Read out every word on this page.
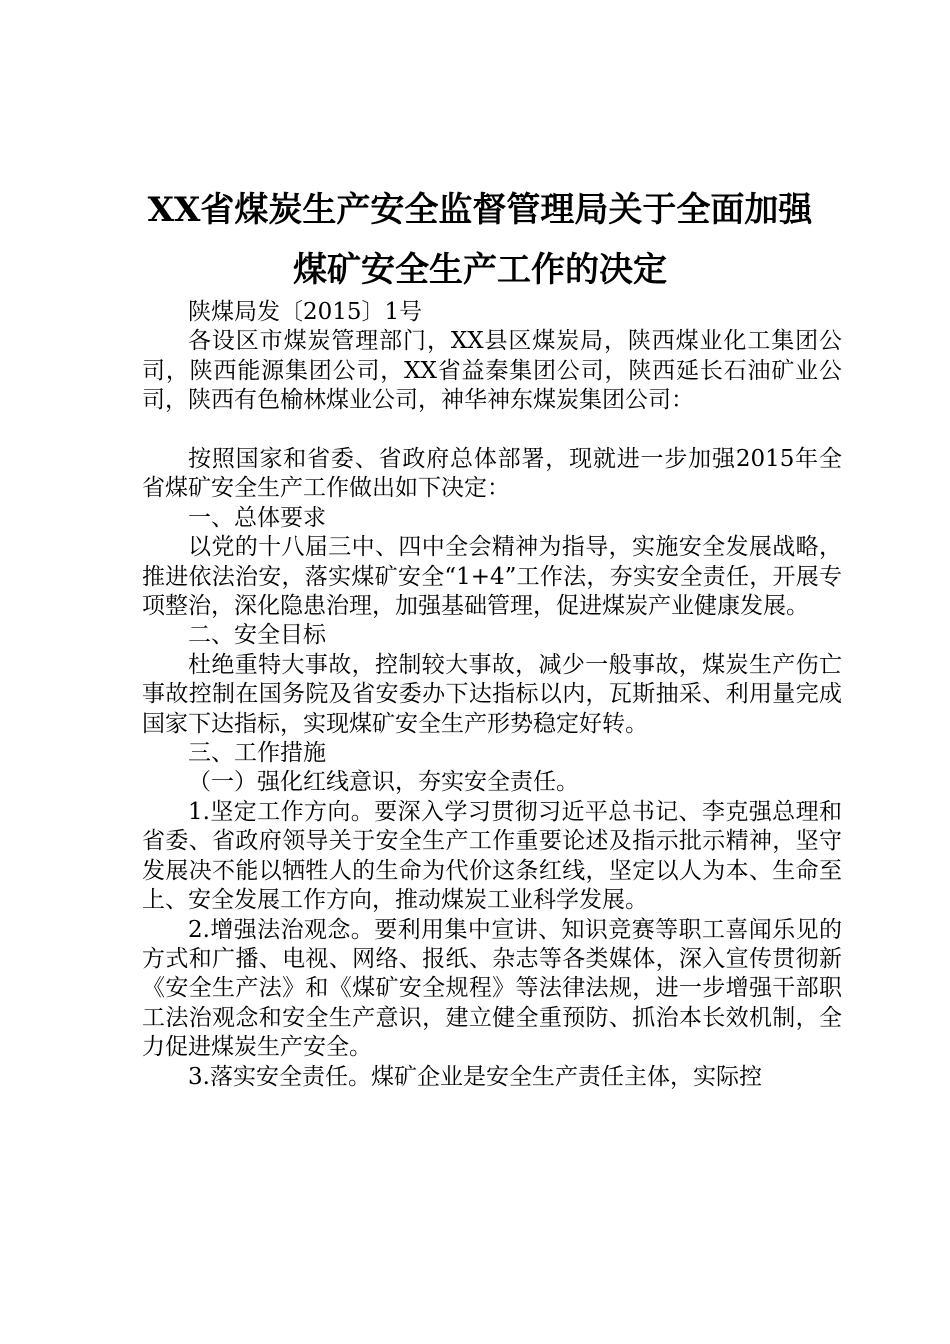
XX省煤炭生产安全监督管理局关于全面加强
煤矿安全生产工作的决定

陕煤局发〔2015〕1号

各设区市煤炭管理部门，XX县区煤炭局，陕西煤业化工集团公司，陕西能源集团公司，XX省益秦集团公司，陕西延长石油矿业公司，陕西有色榆林煤业公司，神华神东煤炭集团公司：

按照国家和省委、省政府总体部署，现就进一步加强2015年全省煤矿安全生产工作做出如下决定：

一、总体要求

以党的十八届三中、四中全会精神为指导，实施安全发展战略，推进依法治安，落实煤矿安全“1+4”工作法，夯实安全责任，开展专项整治，深化隐患治理，加强基础管理，促进煤炭产业健康发展。

二、安全目标

杜绝重特大事故，控制较大事故，减少一般事故，煤炭生产伤亡事故控制在国务院及省安委办下达指标以内，瓦斯抽采、利用量完成国家下达指标，实现煤矿安全生产形势稳定好转。

三、工作措施

（一）强化红线意识，夯实安全责任。

1.坚定工作方向。要深入学习贯彻习近平总书记、李克强总理和省委、省政府领导关于安全生产工作重要论述及指示批示精神，坚守发展决不能以牺牲人的生命为代价这条红线，坚定以人为本、生命至上、安全发展工作方向，推动煤炭工业科学发展。

2.增强法治观念。要利用集中宣讲、知识竞赛等职工喜闻乐见的方式和广播、电视、网络、报纸、杂志等各类媒体，深入宣传贯彻新《安全生产法》和《煤矿安全规程》等法律法规，进一步增强干部职工法治观念和安全生产意识，建立健全重预防、抓治本长效机制，全力促进煤炭生产安全。

3.落实安全责任。煤矿企业是安全生产责任主体，实际控
